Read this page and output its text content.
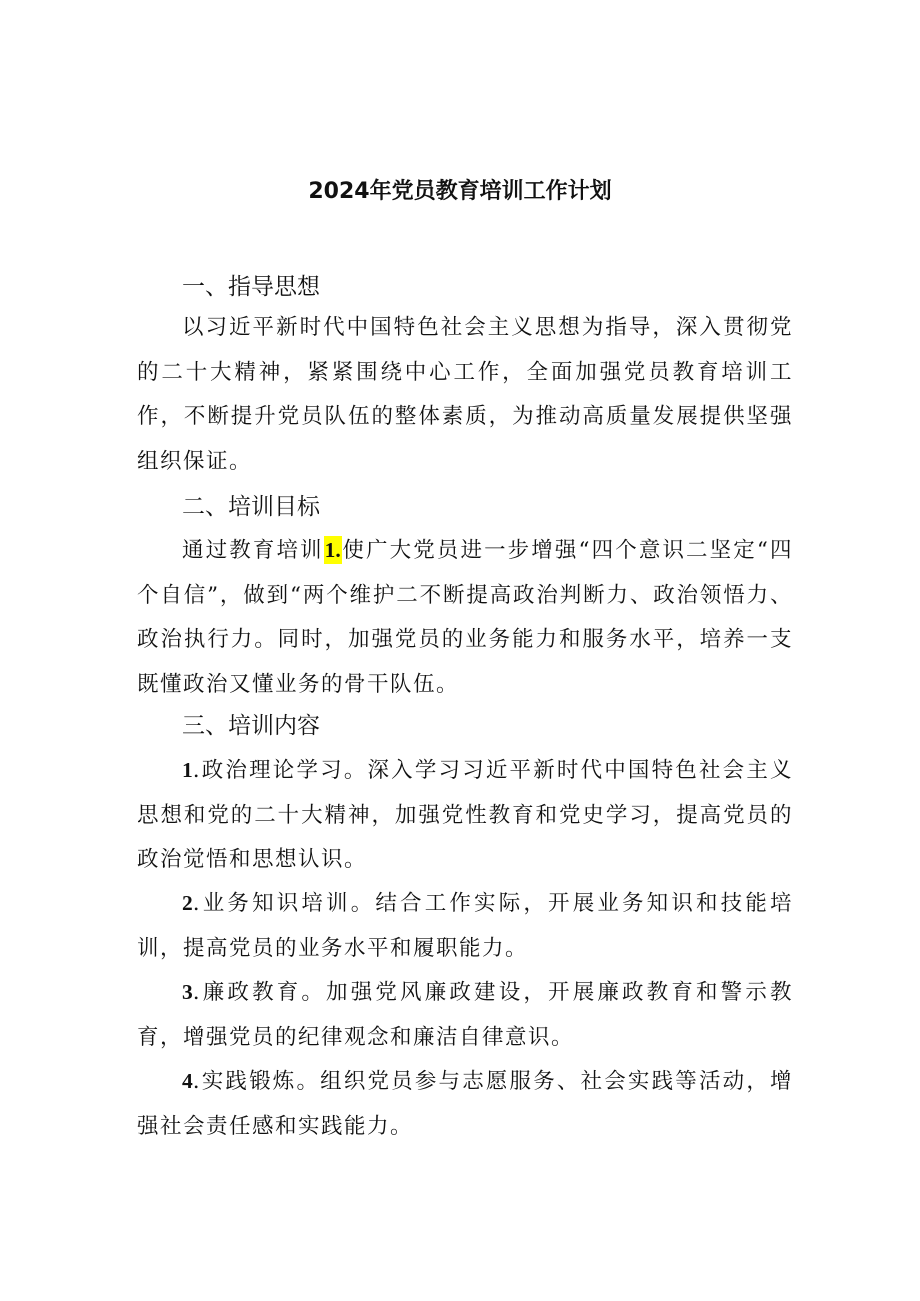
2024年党员教育培训工作计划
一、指导思想

以习近平新时代中国特色社会主义思想为指导，深入贯彻党的二十大精神，紧紧围绕中心工作，全面加强党员教育培训工作，不断提升党员队伍的整体素质，为推动高质量发展提供坚强组织保证。

二、培训目标

通过教育培训1.使广大党员进一步增强“四个意识二坚定“四个自信”，做到“两个维护二不断提高政治判断力、政治领悟力、政治执行力。同时，加强党员的业务能力和服务水平，培养一支既懂政治又懂业务的骨干队伍。

三、培训内容

1.政治理论学习。深入学习习近平新时代中国特色社会主义思想和党的二十大精神，加强党性教育和党史学习，提高党员的政治觉悟和思想认识。

2.业务知识培训。结合工作实际，开展业务知识和技能培训，提高党员的业务水平和履职能力。

3.廉政教育。加强党风廉政建设，开展廉政教育和警示教育，增强党员的纪律观念和廉洁自律意识。

4.实践锻炼。组织党员参与志愿服务、社会实践等活动，增强社会责任感和实践能力。
